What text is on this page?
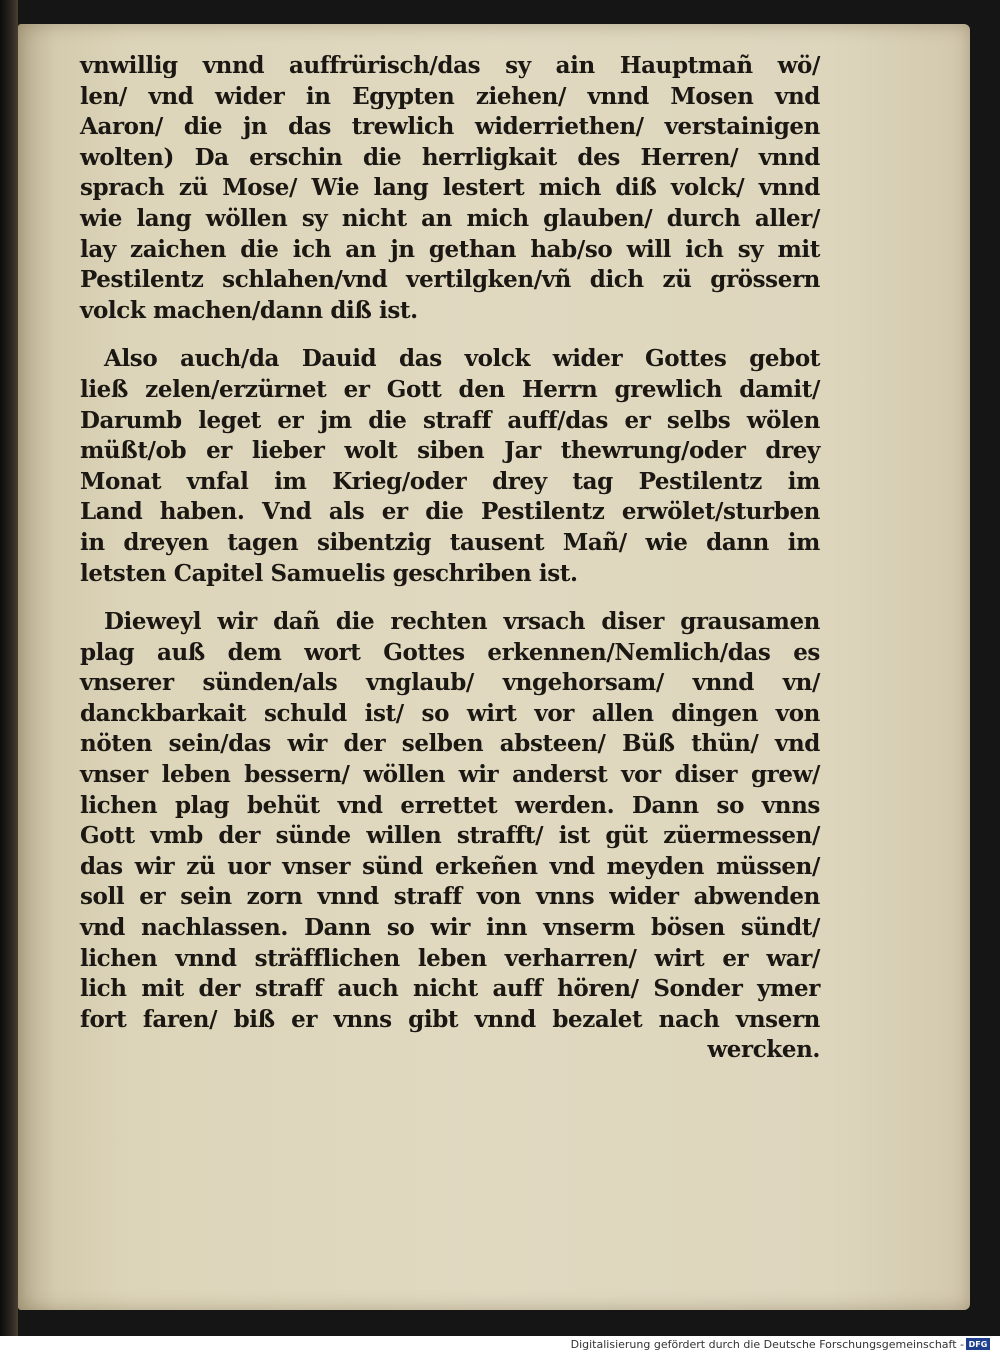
vnwillig vnnd auffrürisch/das sy ain Hauptmañ wö/
len/ vnd wider in Egypten ziehen/ vnnd Mosen vnd
Aaron/ die jn das trewlich widerriethen/ verstainigen
wolten) Da erschin die herrligkait des Herren/ vnnd
sprach zü Mose/ Wie lang lestert mich diß volck/ vnnd
wie lang wöllen sy nicht an mich glauben/ durch aller/
lay zaichen die ich an jn gethan hab/so will ich sy mit
Pestilentz schlahen/vnd vertilgken/vñ dich zü grössern
volck machen/dann diß ist.
Also auch/da Dauid das volck wider Gottes gebot
ließ zelen/erzürnet er Gott den Herrn grewlich damit/
Darumb leget er jm die straff auff/das er selbs wölen
müßt/ob er lieber wolt siben Jar thewrung/oder drey
Monat vnfal im Krieg/oder drey tag Pestilentz im
Land haben. Vnd als er die Pestilentz erwölet/sturben
in dreyen tagen sibentzig tausent Mañ/ wie dann im
letsten Capitel Samuelis geschriben ist.
Dieweyl wir dañ die rechten vrsach diser grausamen
plag auß dem wort Gottes erkennen/Nemlich/das es
vnserer sünden/als vnglaub/ vngehorsam/ vnnd vn/
danckbarkait schuld ist/ so wirt vor allen dingen von
nöten sein/das wir der selben absteen/ Büß thün/ vnd
vnser leben bessern/ wöllen wir anderst vor diser grew/
lichen plag behüt vnd errettet werden. Dann so vnns
Gott vmb der sünde willen strafft/ ist güt züermessen/
das wir zü uor vnser sünd erkeñen vnd meyden müssen/
soll er sein zorn vnnd straff von vnns wider abwenden
vnd nachlassen. Dann so wir inn vnserm bösen sündt/
lichen vnnd sträfflichen leben verharren/ wirt er war/
lich mit der straff auch nicht auff hören/ Sonder ymer
fort faren/ biß er vnns gibt vnnd bezalet nach vnsern
wercken.
Digitalisierung gefördert durch die Deutsche Forschungsgemeinschaft - DFG
